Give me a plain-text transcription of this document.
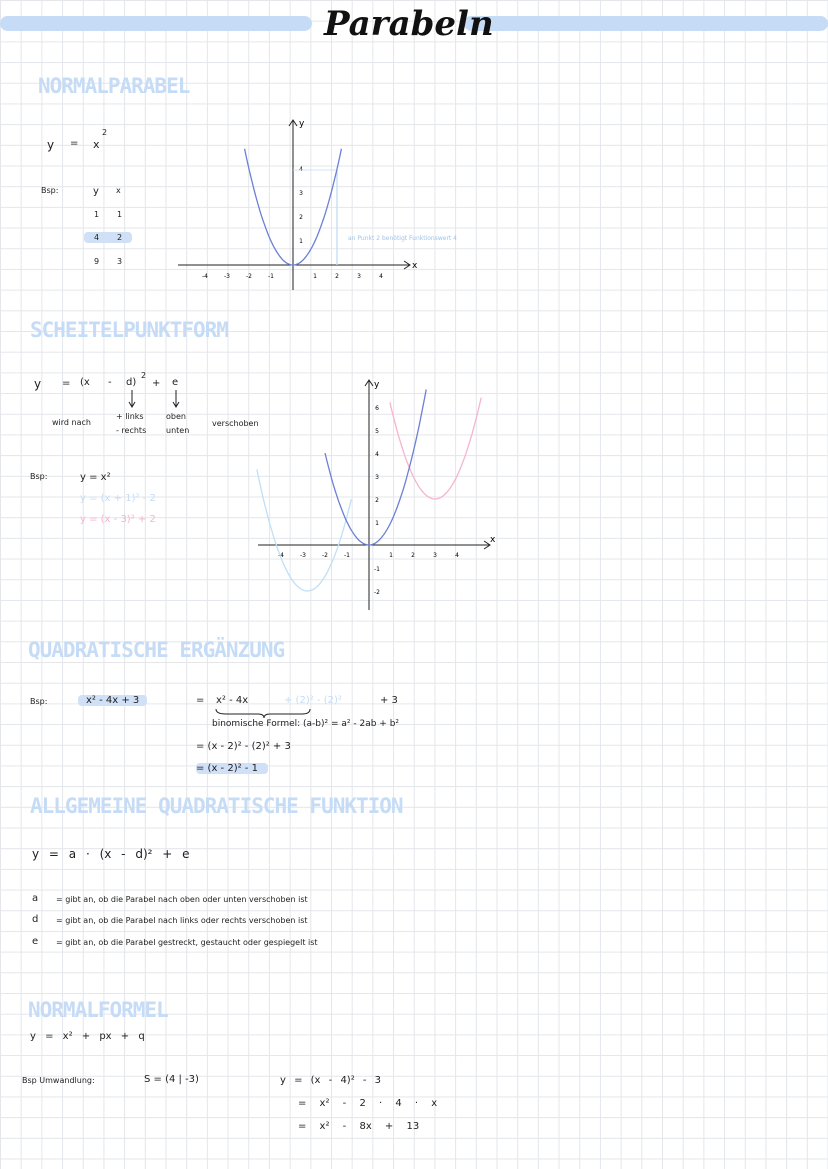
Parabeln
NORMALPARABEL
y = x
2
Bsp:	y x
1 1
4 2
9 3
y
x
-4	-3	-2	-1	1	2	3	4
1
2
3
4
an Punkt 2 benötigt Funktionswert 4
SCHEITELPUNKTFORM
y = (x - d)
2
+ e
+ links
- rechts
oben
unten
wird nach	verschoben
Bsp:	y = x²
y = (x + 1)² - 2
y = (x - 3)² + 2
y
x
-4	-3	-2	-1	1	2	3	4
1
2
3
4
5
6
-1
-2
QUADRATISCHE ERGÄNZUNG
Bsp:	x² - 4x + 3	= x² - 4x	+ (2)² - (2)²	+ 3
binomische Formel: (a-b)² = a² - 2ab + b²
= (x - 2)² - (2)² + 3
= (x - 2)² - 1
ALLGEMEINE QUADRATISCHE FUNKTION
y = a · (x - d)² + e
a = gibt an, ob die Parabel nach oben oder unten verschoben ist
d = gibt an, ob die Parabel nach links oder rechts verschoben ist
e = gibt an, ob die Parabel gestreckt, gestaucht oder gespiegelt ist
NORMALFORMEL
y = x² + px + q
Bsp Umwandlung:	S = (4 | -3)	y = (x - 4)² - 3
= x² - 2 · 4 · x
= x² - 8x + 13
